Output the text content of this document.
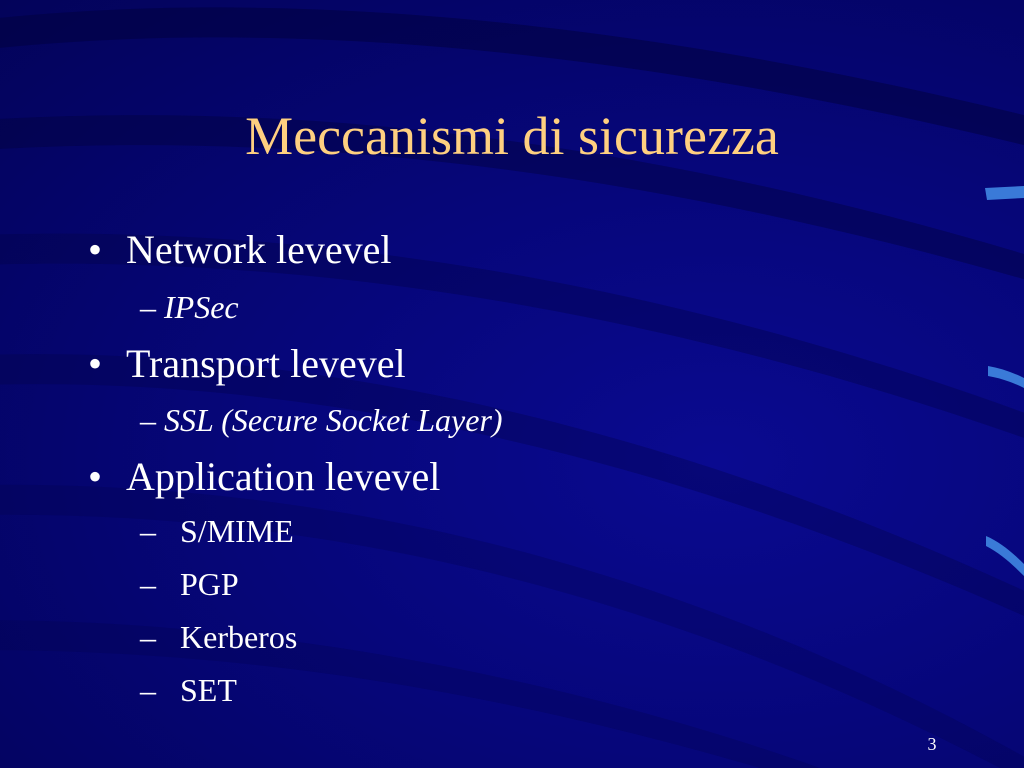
Meccanismi di sicurezza
• Network levevel
– IPSec
• Transport levevel
– SSL (Secure Socket Layer)
• Application levevel
– S/MIME
– PGP
– Kerberos
– SET
3
